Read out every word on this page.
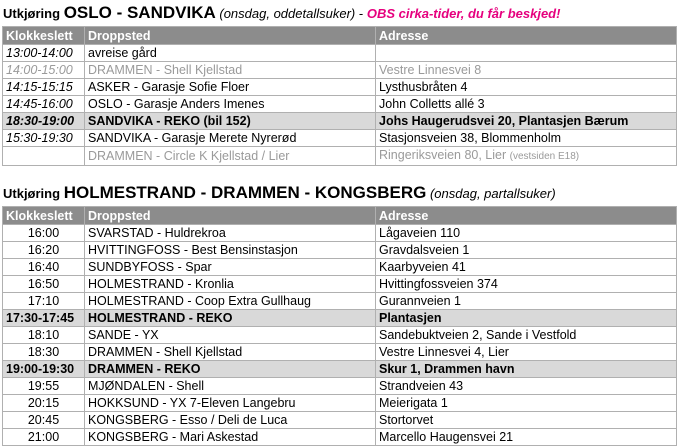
Utkjøring OSLO - SANDVIKA (onsdag, oddetallsuker) - OBS cirka-tider, du får beskjed!
Klokkeslett	Droppsted	Adresse
13:00-14:00	avreise gård	
14:00-15:00	DRAMMEN - Shell Kjellstad	Vestre Linnesvei 8
14:15-15:15	ASKER - Garasje Sofie Floer	Lysthusbråten 4
14:45-16:00	OSLO - Garasje Anders Imenes	John Colletts allé 3
18:30-19:00	SANDVIKA - REKO (bil 152)	Johs Haugerudsvei 20, Plantasjen Bærum
15:30-19:30	SANDVIKA - Garasje Merete Nyrerød	Stasjonsveien 38, Blommenholm
	DRAMMEN - Circle K Kjellstad / Lier	Ringeriksveien 80, Lier (vestsiden E18)
Utkjøring HOLMESTRAND - DRAMMEN - KONGSBERG (onsdag, partallsuker)
Klokkeslett	Droppsted	Adresse
16:00	SVARSTAD - Huldrekroa	Lågaveien 110
16:20	HVITTINGFOSS - Best Bensinstasjon	Gravdalsveien 1
16:40	SUNDBYFOSS - Spar	Kaarbyveien 41
16:50	HOLMESTRAND - Kronlia	Hvittingfossveien 374
17:10	HOLMESTRAND - Coop Extra Gullhaug	Gurannveien 1
17:30-17:45	HOLMESTRAND - REKO	Plantasjen
18:10	SANDE - YX	Sandebuktveien 2, Sande i Vestfold
18:30	DRAMMEN - Shell Kjellstad	Vestre Linnesvei 4, Lier
19:00-19:30	DRAMMEN - REKO	Skur 1, Drammen havn
19:55	MJØNDALEN - Shell	Strandveien 43
20:15	HOKKSUND - YX 7-Eleven Langebru	Meierigata 1
20:45	KONGSBERG - Esso / Deli de Luca	Stortorvet
21:00	KONGSBERG - Mari Askestad	Marcello Haugensvei 21
